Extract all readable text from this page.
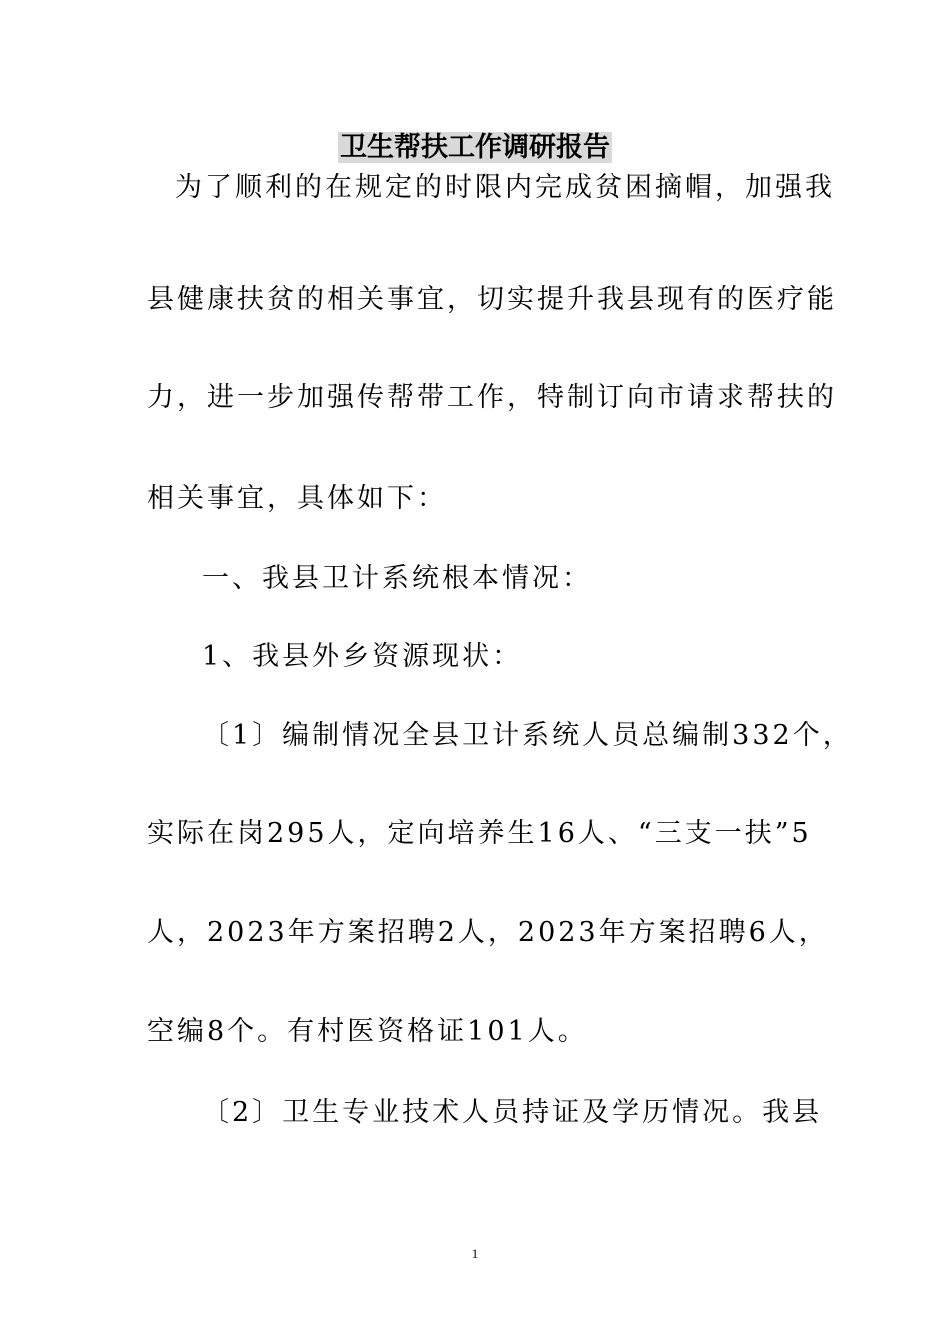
卫生帮扶工作调研报告
为了顺利的在规定的时限内完成贫困摘帽，加强我
县健康扶贫的相关事宜，切实提升我县现有的医疗能
力，进一步加强传帮带工作，特制订向市请求帮扶的
相关事宜，具体如下：
一、我县卫计系统根本情况：
1、我县外乡资源现状：
〔1〕编制情况全县卫计系统人员总编制332个，
实际在岗295人，定向培养生16人、“三支一扶”5
人，2023年方案招聘2人，2023年方案招聘6人，
空编8个。有村医资格证101人。
〔2〕卫生专业技术人员持证及学历情况。我县
1
